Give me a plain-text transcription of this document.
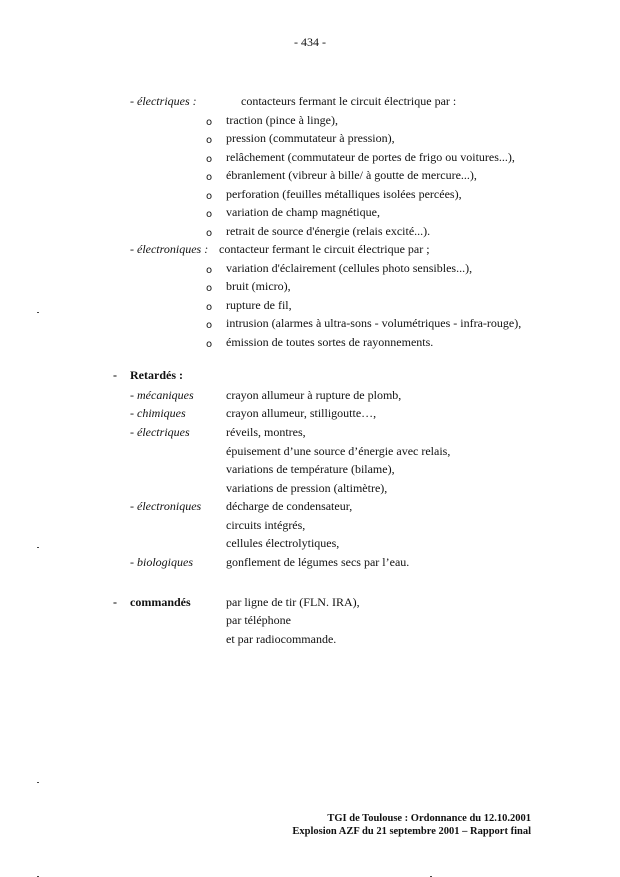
- 434 -
- électriques :	contacteurs fermant le circuit électrique par :
o traction (pince à linge),
o pression (commutateur à pression),
o relâchement (commutateur de portes de frigo ou voitures...),
o ébranlement (vibreur à bille/ à goutte de mercure...),
o perforation (feuilles métalliques isolées percées),
o variation de champ magnétique,
o retrait de source d'énergie (relais excité...).
- électroniques : contacteur fermant le circuit électrique par ;
o variation d'éclairement (cellules photo sensibles...),
o bruit (micro),
o rupture de fil,
o intrusion (alarmes à ultra-sons - volumétriques - infra-rouge),
o émission de toutes sortes de rayonnements.
- Retardés :
- mécaniques	crayon allumeur à rupture de plomb,
- chimiques	crayon allumeur, stilligoutte…,
- électriques	réveils, montres,
épuisement d’une source d’énergie avec relais,
variations de température (bilame),
variations de pression (altimètre),
- électroniques décharge de condensateur,
circuits intégrés,
cellules électrolytiques,
- biologiques	gonflement de légumes secs par l’eau.
- commandés	par ligne de tir (FLN. IRA),
par téléphone
et par radiocommande.
TGI de Toulouse : Ordonnance du 12.10.2001
Explosion AZF du 21 septembre 2001 – Rapport final
